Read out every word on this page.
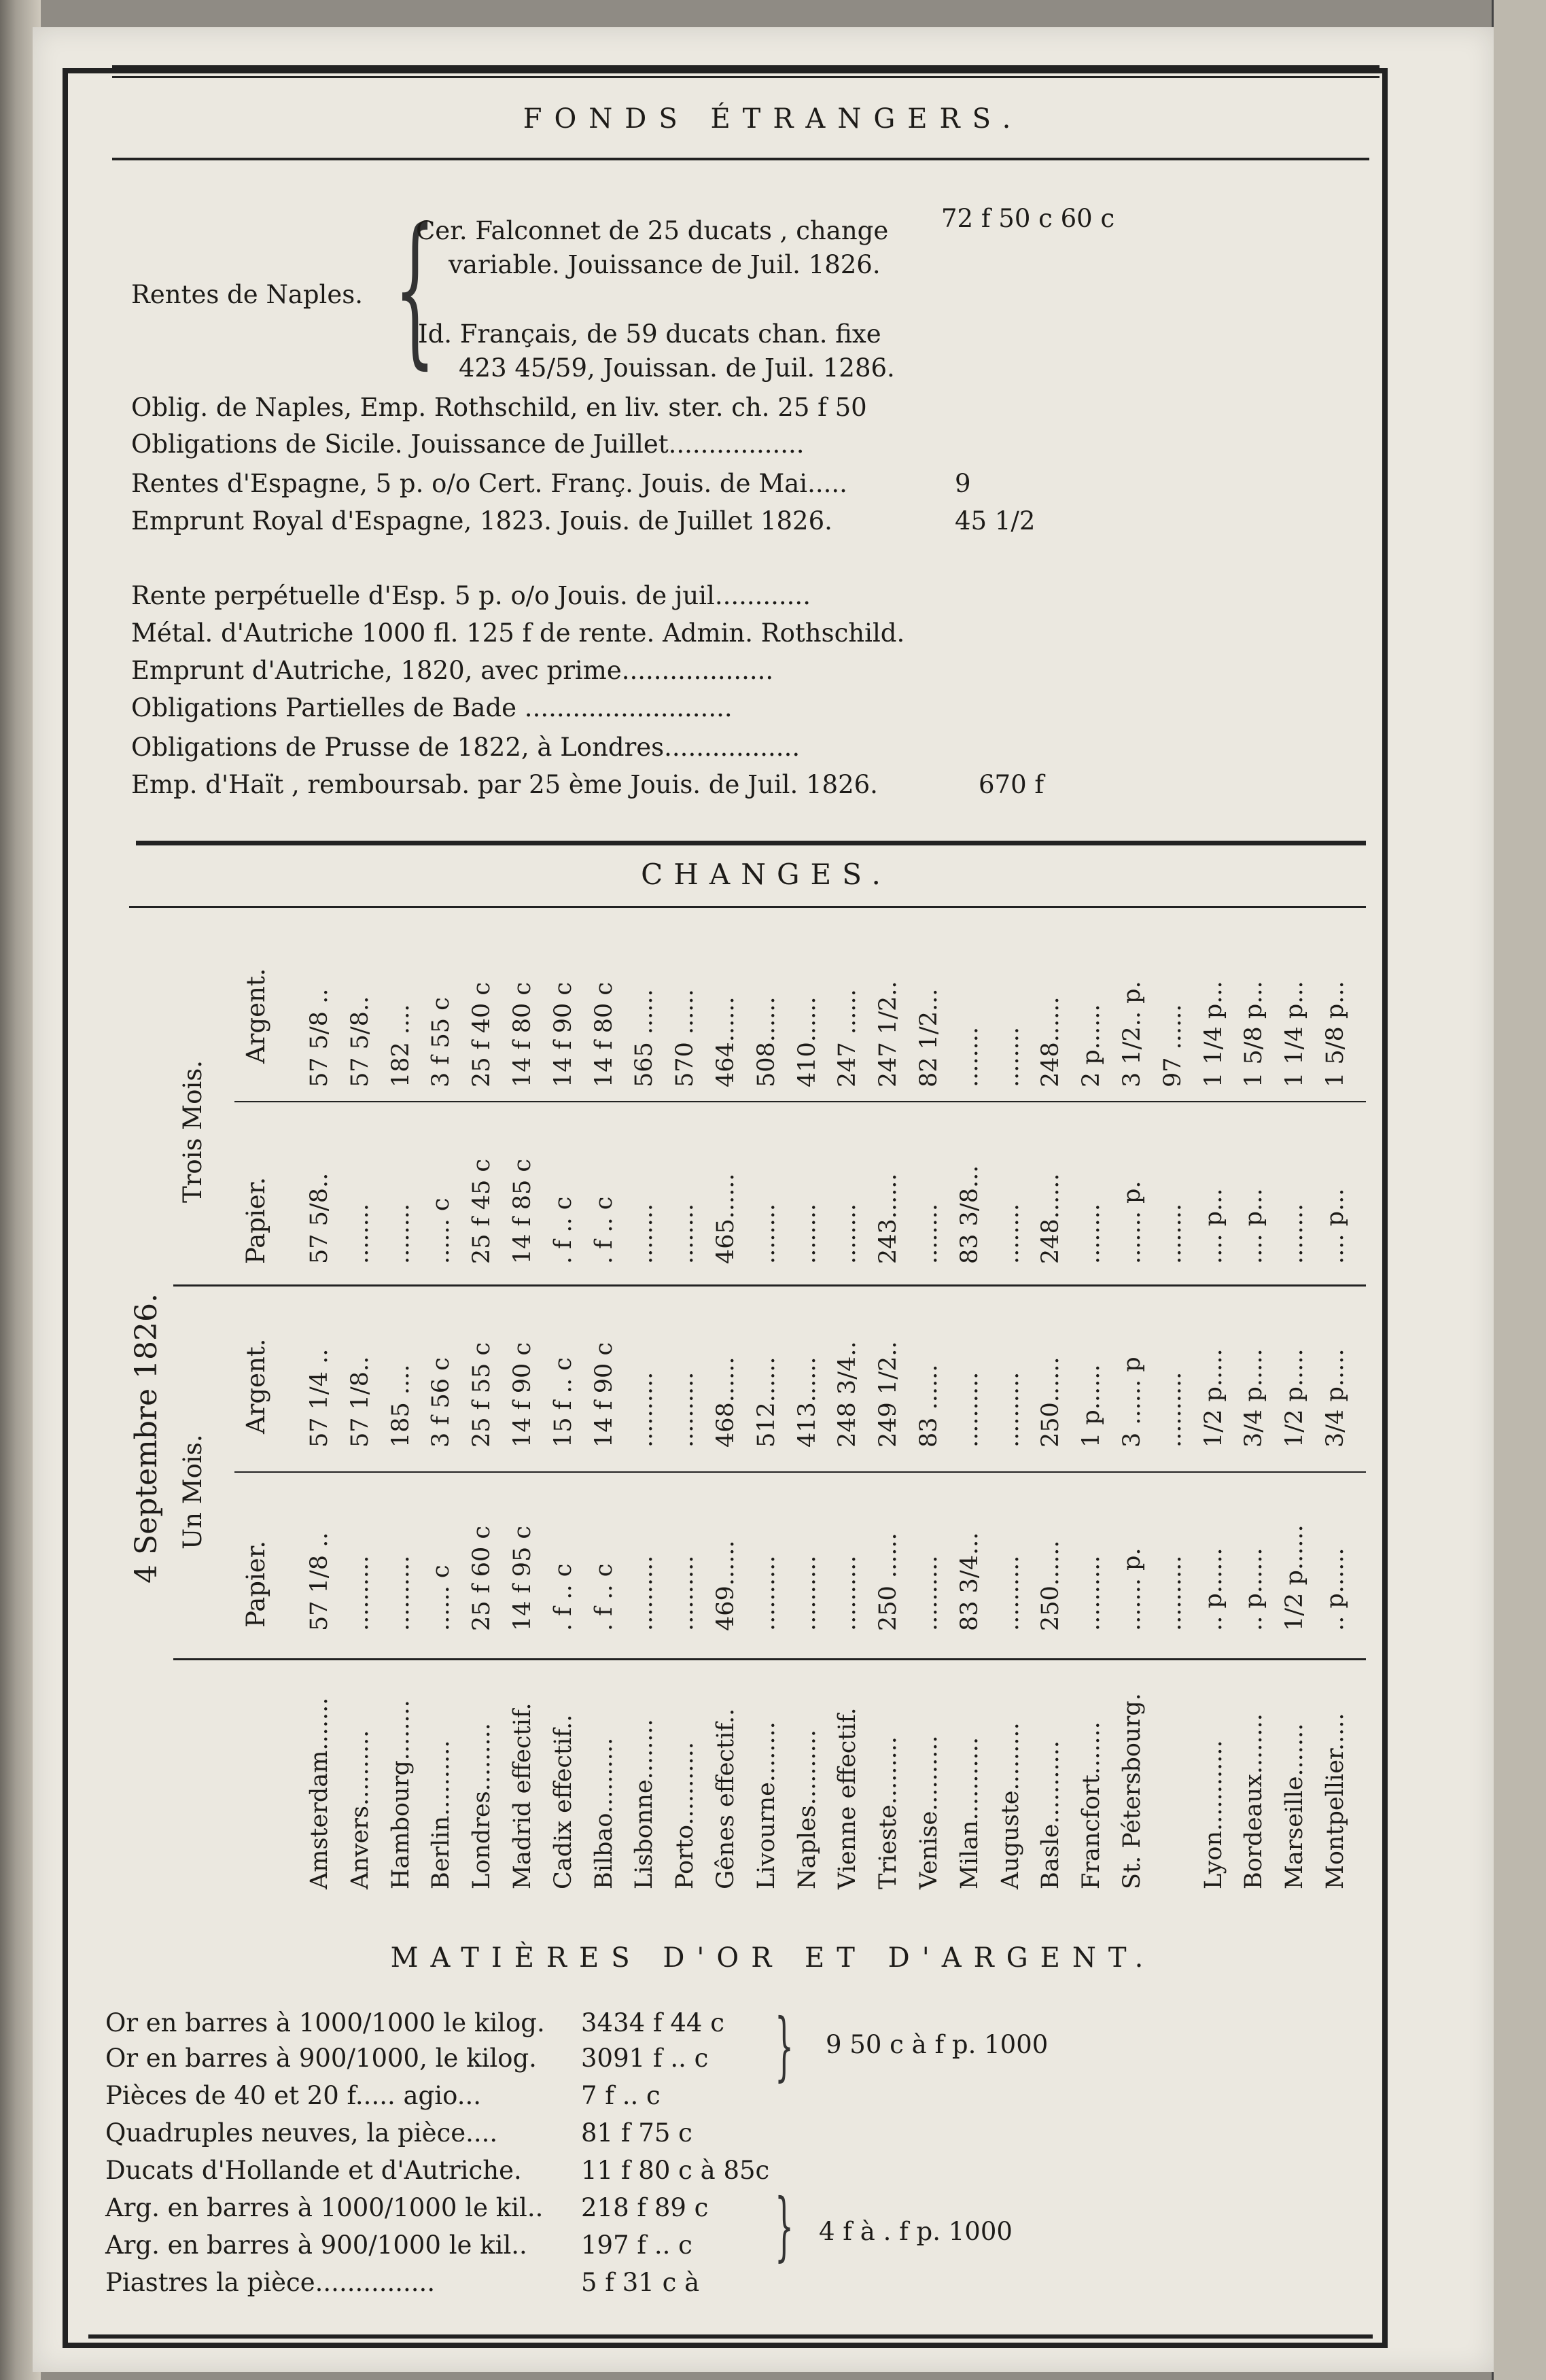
FONDS ÉTRANGERS.
Rentes de Naples. {
Cer. Falconnet de 25 ducats , change
variable. Jouissance de Juil. 1826.
72 f 50 c 60 c
Id. Français, de 59 ducats chan. fixe
423 45/59, Jouissan. de Juil. 1286.
Oblig. de Naples, Emp. Rothschild, en liv. ster. ch. 25 f 50
Obligations de Sicile. Jouissance de Juillet.................
Rentes d'Espagne, 5 p. o/o Cert. Franç. Jouis. de Mai.....	9
Emprunt Royal d'Espagne, 1823. Jouis. de Juillet 1826.	45 1/2
Rente perpétuelle d'Esp. 5 p. o/o Jouis. de juil............
Métal. d'Autriche 1000 fl. 125 f de rente. Admin. Rothschild.
Emprunt d'Autriche, 1820, avec prime...................
Obligations Partielles de Bade ..........................
Obligations de Prusse de 1822, à Londres.................
Emp. d'Haït , remboursab. par 25 ème Jouis. de Juil. 1826.	670 f
CHANGES.
4 Septembre 1826.
Trois Mois.
Un Mois.
Argent.
Papier.
Argent.
Papier.
Amsterdam.......
57 1/8 ..
57 1/4 ..
57 5/8..
57 5/8 ..
Anvers..........
..........
57 1/8..
........
57 5/8..
Hambourg........
..........
185 ....
........
182 ....
Berlin..........
...... c
3 f 56 c
...... c
3 f 55 c
Londres.........
25 f 60 c
25 f 55 c
25 f 45 c
25 f 40 c
Madrid effectif.
14 f 95 c
14 f 90 c
14 f 85 c
14 f 80 c
Cadix effectif..
. f .. c
15 f .. c
. f .. c
14 f 90 c
Bilbao..........
. f .. c
14 f 90 c
. f .. c
14 f 80 c
Lisbonne........
..........
..........
........
565 ......
Porto...........
..........
..........
........
570 ......
Gênes effectif..
469......
468......
465......
464......
Livourne........
..........
512......
........
508......
Naples..........
..........
413......
........
410......
Vienne effectif.
..........
248 3/4..
........
247 ......
Trieste.........
250 ......
249 1/2..
243......
247 1/2..
Venise..........
..........
83 ......
........
82 1/2...
Milan...........
83 3/4...
..........
83 3/8...
........
Auguste.........
..........
..........
........
........
Basle...........
250......
250......
248......
248......
Francfort.......
..........
1 p......
........
2 p......
St. Pétersbourg.
....... p.
3 ...... p
....... p.
3 1/2.. p.
..........
..........
........
97 ......
Lyon............
.. p......
1/2 p.....
.... p...
1 1/4 p...
Bordeaux........
.. p......
3/4 p.....
.... p...
1 5/8 p...
Marseille.......
1/2 p......
1/2 p.....
........
1 1/4 p...
Montpellier.....
.. p......
3/4 p.....
.... p...
1 5/8 p...
MATIÈRES D'OR ET D'ARGENT.
Or en barres à 1000/1000 le kilog. 3434 f 44 c
Or en barres à 900/1000, le kilog. 3091 f .. c
Pièces de 40 et 20 f..... agio...	7 f .. c
Quadruples neuves, la pièce....	81 f 75 c
Ducats d'Hollande et d'Autriche. 11 f 80 c à 85c
Arg. en barres à 1000/1000 le kil.. 218 f 89 c
Arg. en barres à 900/1000 le kil.. 197 f .. c
Piastres la pièce...............	5 f 31 c à
} 9 50 c à f p. 1000
} 4 f à . f p. 1000
